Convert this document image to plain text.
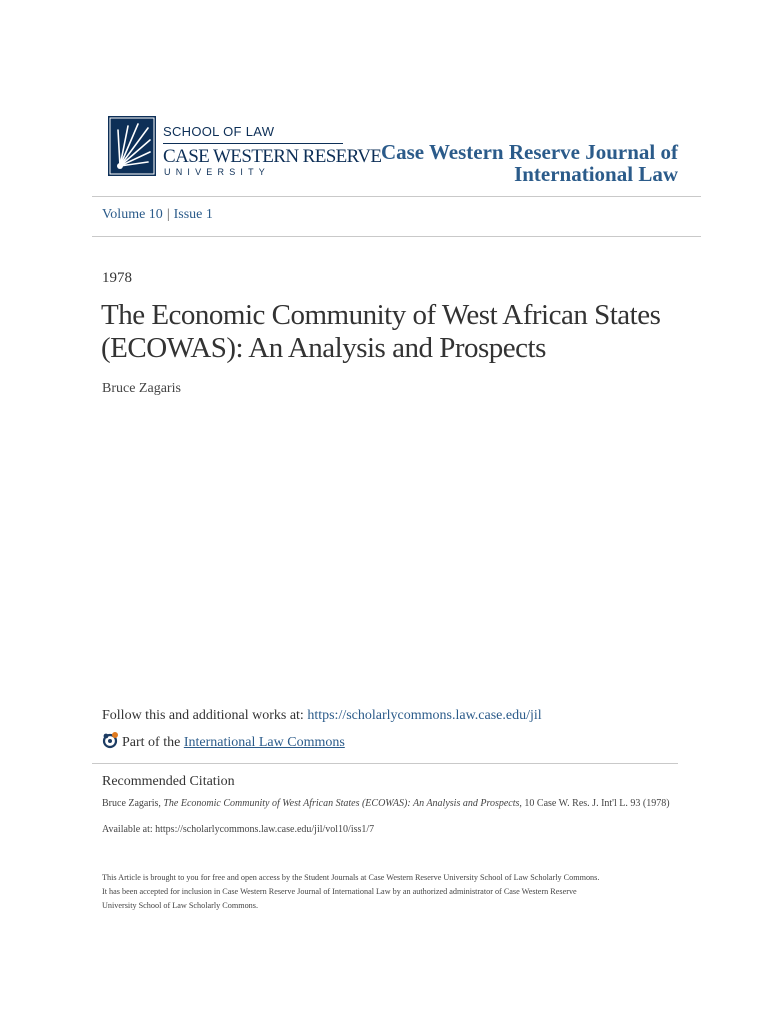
SCHOOL OF LAW
CASE WESTERN RESERVE
UNIVERSITY
Case Western Reserve Journal of
International Law
Volume 10 | Issue 1
1978
The Economic Community of West African States
(ECOWAS): An Analysis and Prospects
Bruce Zagaris
Follow this and additional works at: https://scholarlycommons.law.case.edu/jil
Part of the International Law Commons
Recommended Citation
Bruce Zagaris, The Economic Community of West African States (ECOWAS): An Analysis and Prospects, 10 Case W. Res. J. Int'l L. 93 (1978)
Available at: https://scholarlycommons.law.case.edu/jil/vol10/iss1/7
This Article is brought to you for free and open access by the Student Journals at Case Western Reserve University School of Law Scholarly Commons.
It has been accepted for inclusion in Case Western Reserve Journal of International Law by an authorized administrator of Case Western Reserve
University School of Law Scholarly Commons.
